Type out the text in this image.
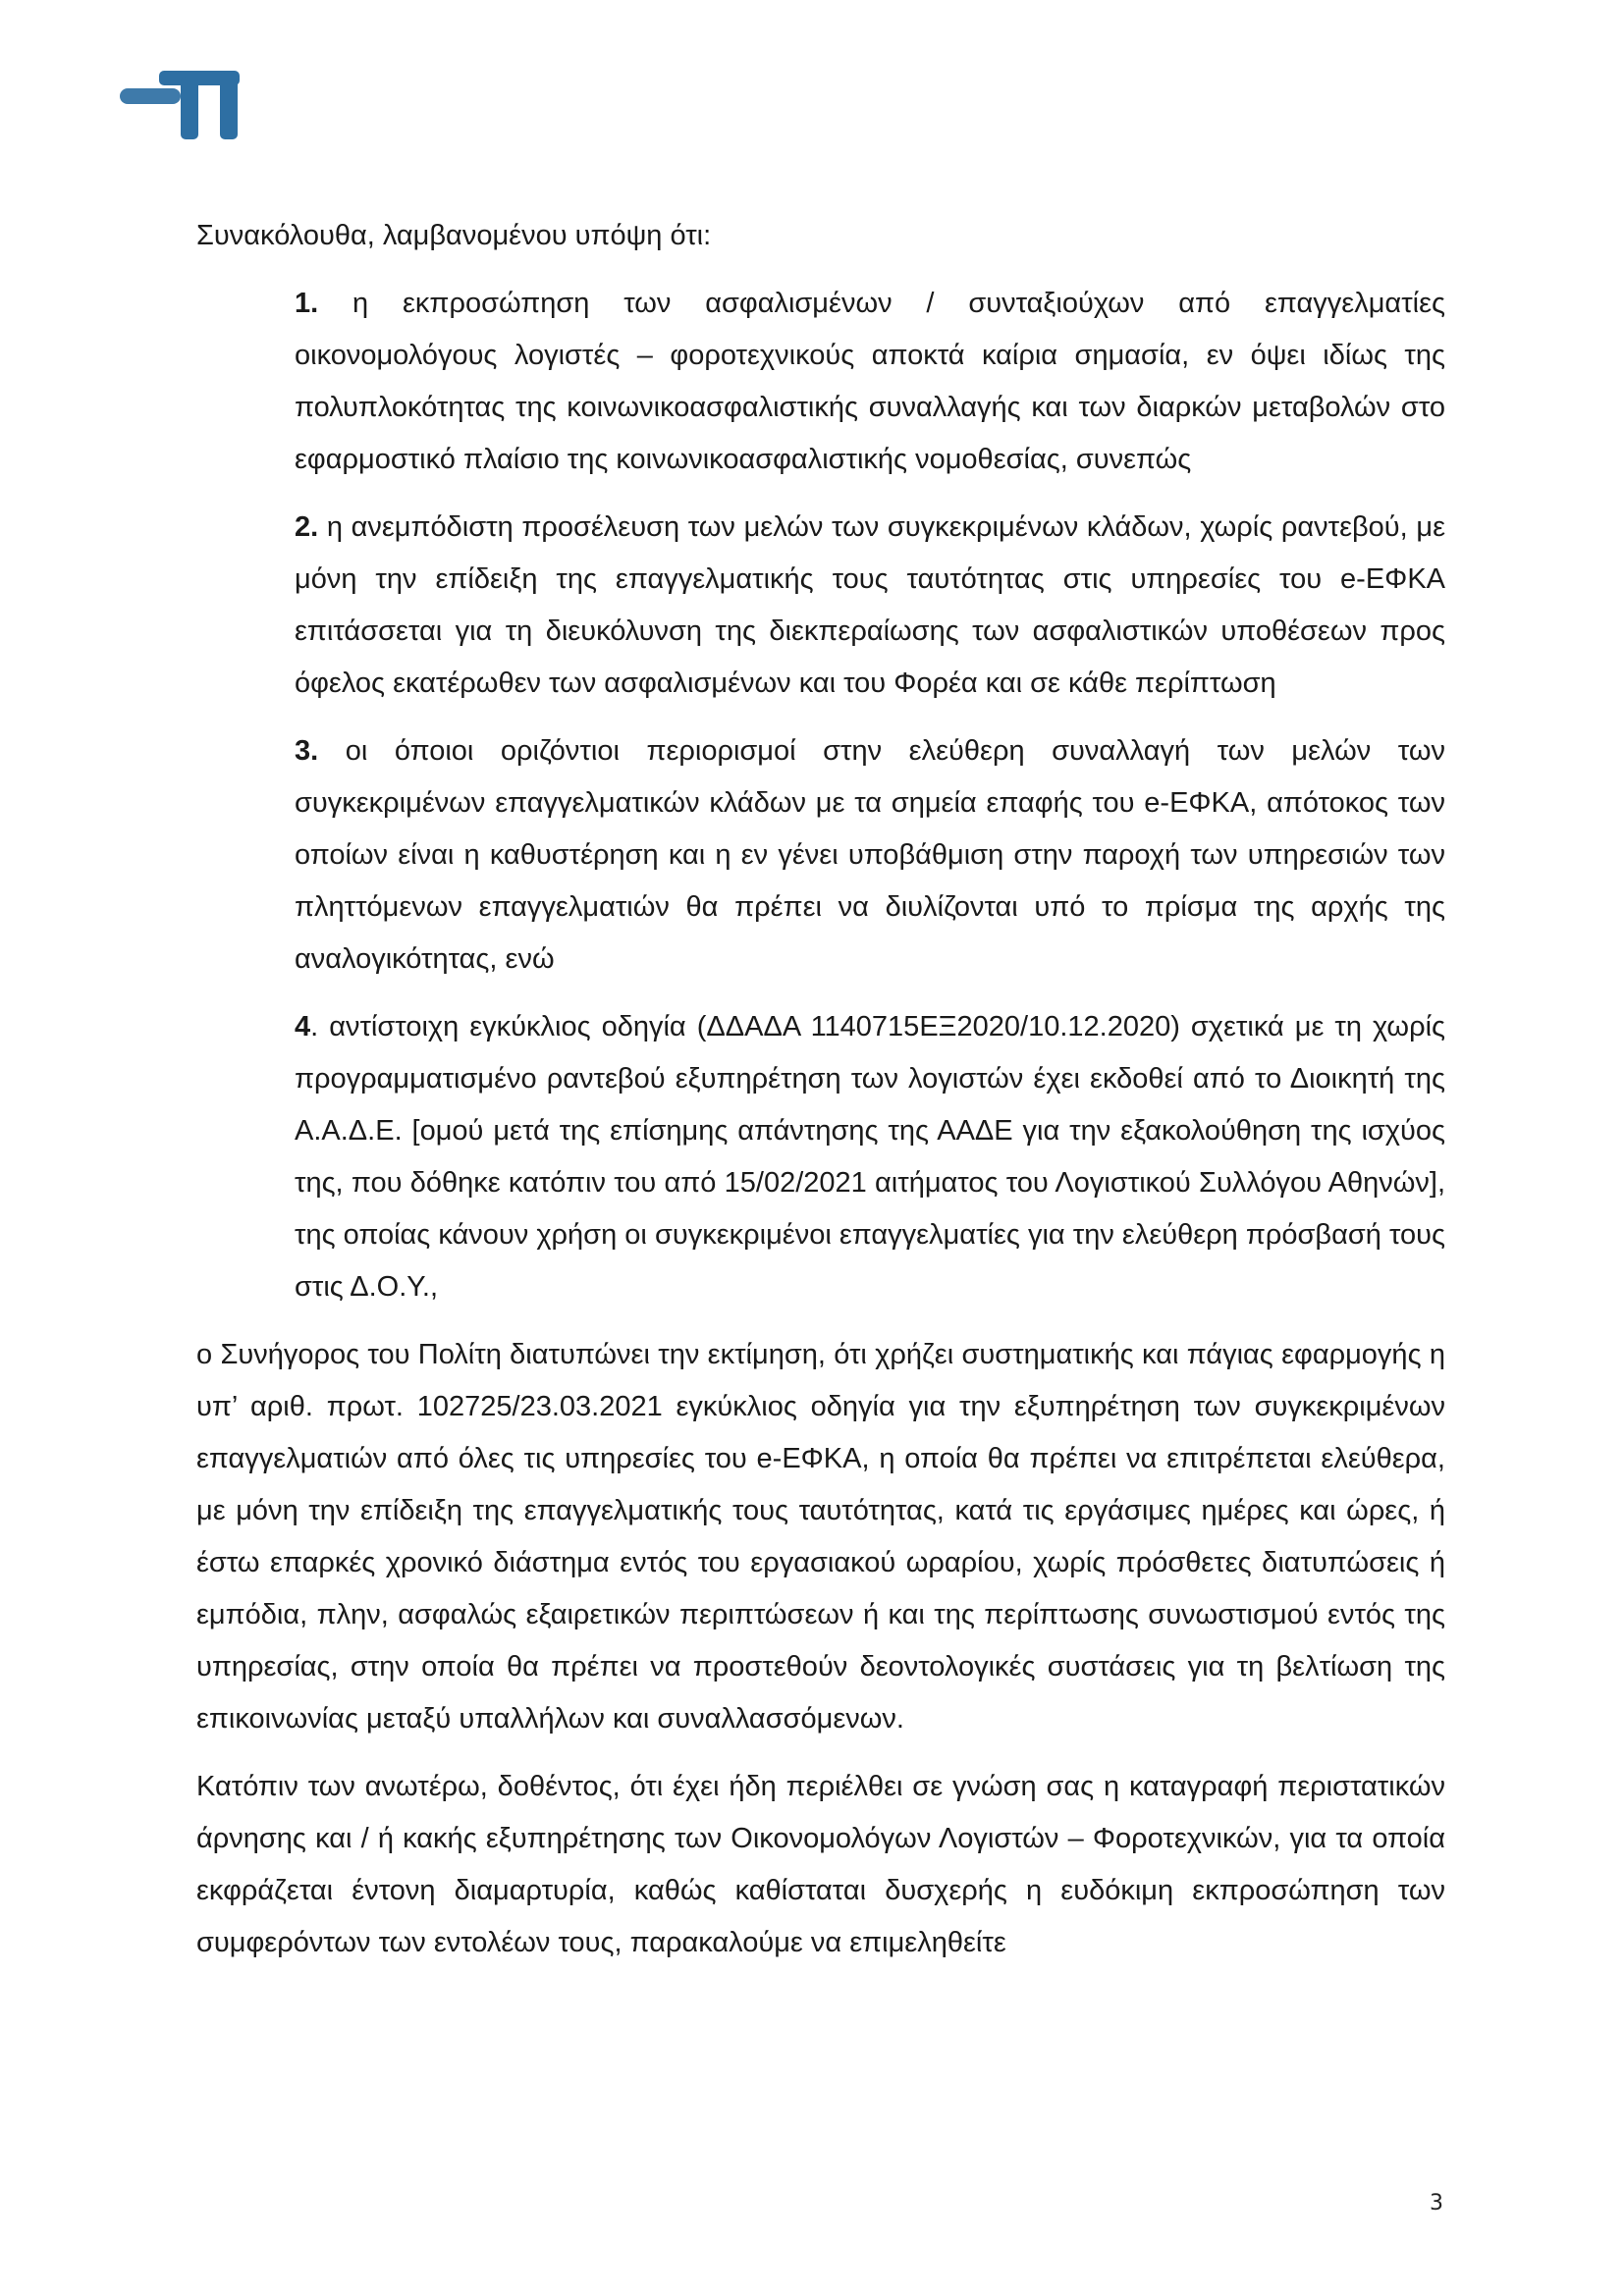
Συνακόλουθα, λαμβανομένου υπόψη ότι:

1. η εκπροσώπηση των ασφαλισμένων / συνταξιούχων από επαγγελματίες οικονομολόγους λογιστές – φοροτεχνικούς αποκτά καίρια σημασία, εν όψει ιδίως της πολυπλοκότητας της κοινωνικοασφαλιστικής συναλλαγής και των διαρκών μεταβολών στο εφαρμοστικό πλαίσιο της κοινωνικοασφαλιστικής νομοθεσίας, συνεπώς

2. η ανεμπόδιστη προσέλευση των μελών των συγκεκριμένων κλάδων, χωρίς ραντεβού, με μόνη την επίδειξη της επαγγελματικής τους ταυτότητας στις υπηρεσίες του e-ΕΦΚΑ επιτάσσεται για τη διευκόλυνση της διεκπεραίωσης των ασφαλιστικών υποθέσεων προς όφελος εκατέρωθεν των ασφαλισμένων και του Φορέα και σε κάθε περίπτωση

3. οι όποιοι οριζόντιοι περιορισμοί στην ελεύθερη συναλλαγή των μελών των συγκεκριμένων επαγγελματικών κλάδων με τα σημεία επαφής του e-ΕΦΚΑ, απότοκος των οποίων είναι η καθυστέρηση και η εν γένει υποβάθμιση στην παροχή των υπηρεσιών των πληττόμενων επαγγελματιών θα πρέπει να διυλίζονται υπό το πρίσμα της αρχής της αναλογικότητας, ενώ

4. αντίστοιχη εγκύκλιος οδηγία (ΔΔΑΔΑ 1140715ΕΞ2020/10.12.2020) σχετικά με τη χωρίς προγραμματισμένο ραντεβού εξυπηρέτηση των λογιστών έχει εκδοθεί από το Διοικητή της Α.Α.Δ.Ε. [ομού μετά της επίσημης απάντησης της ΑΑΔΕ για την εξακολούθηση της ισχύος της, που δόθηκε κατόπιν του από 15/02/2021 αιτήματος του Λογιστικού Συλλόγου Αθηνών], της οποίας κάνουν χρήση οι συγκεκριμένοι επαγγελματίες για την ελεύθερη πρόσβασή τους στις Δ.Ο.Υ.,

ο Συνήγορος του Πολίτη διατυπώνει την εκτίμηση, ότι χρήζει συστηματικής και πάγιας εφαρμογής η υπ’ αριθ. πρωτ. 102725/23.03.2021 εγκύκλιος οδηγία για την εξυπηρέτηση των συγκεκριμένων επαγγελματιών από όλες τις υπηρεσίες του e-ΕΦΚΑ, η οποία θα πρέπει να επιτρέπεται ελεύθερα, με μόνη την επίδειξη της επαγγελματικής τους ταυτότητας, κατά τις εργάσιμες ημέρες και ώρες, ή έστω επαρκές χρονικό διάστημα εντός του εργασιακού ωραρίου, χωρίς πρόσθετες διατυπώσεις ή εμπόδια, πλην, ασφαλώς εξαιρετικών περιπτώσεων ή και της περίπτωσης συνωστισμού εντός της υπηρεσίας, στην οποία θα πρέπει να προστεθούν δεοντολογικές συστάσεις για τη βελτίωση της επικοινωνίας μεταξύ υπαλλήλων και συναλλασσόμενων.

Κατόπιν των ανωτέρω, δοθέντος, ότι έχει ήδη περιέλθει σε γνώση σας η καταγραφή περιστατικών άρνησης και / ή κακής εξυπηρέτησης των Οικονομολόγων Λογιστών – Φοροτεχνικών, για τα οποία εκφράζεται έντονη διαμαρτυρία, καθώς καθίσταται δυσχερής η ευδόκιμη εκπροσώπηση των συμφερόντων των εντολέων τους, παρακαλούμε να επιμεληθείτε

3
